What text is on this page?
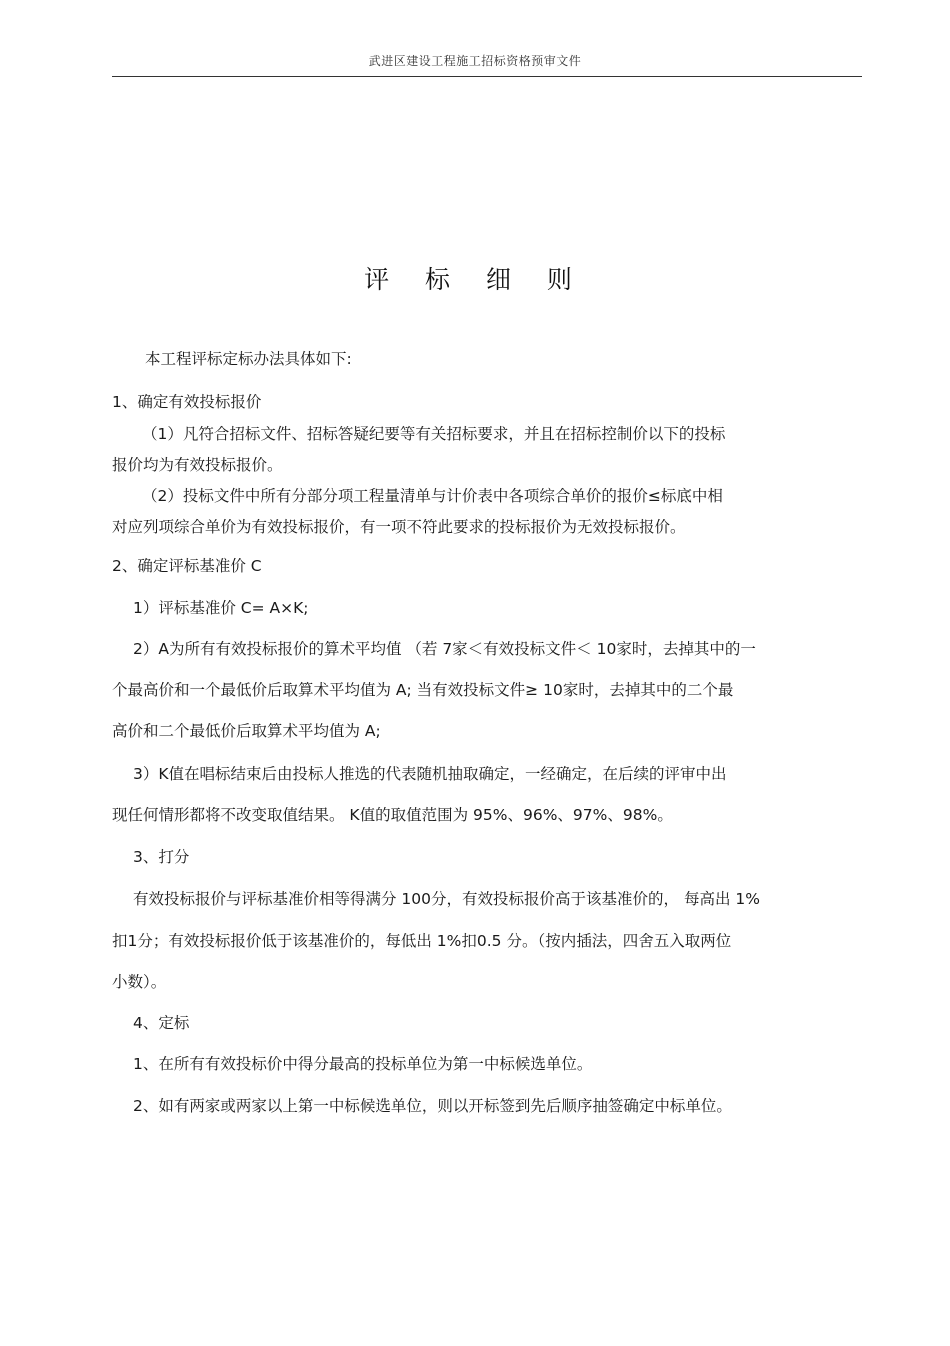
武进区建设工程施工招标资格预审文件
评 标 细 则
本工程评标定标办法具体如下:
1、确定有效投标报价
（1）凡符合招标文件、招标答疑纪要等有关招标要求，并且在招标控制价以下的投标
报价均为有效投标报价。
（2）投标文件中所有分部分项工程量清单与计价表中各项综合单价的报价≤标底中相
对应列项综合单价为有效投标报价，有一项不符此要求的投标报价为无效投标报价。
2、确定评标基准价 C
1）评标基准价 C= A×K;
2）A为所有有效投标报价的算术平均值 （若 7家＜有效投标文件＜ 10家时，去掉其中的一
个最高价和一个最低价后取算术平均值为 A; 当有效投标文件≥ 10家时，去掉其中的二个最
高价和二个最低价后取算术平均值为 A;
3）K值在唱标结束后由投标人推选的代表随机抽取确定，一经确定，在后续的评审中出
现任何情形都将不改变取值结果。 K值的取值范围为 95%、96%、97%、98%。
3、打分
有效投标报价与评标基准价相等得满分 100分，有效投标报价高于该基准价的， 每高出 1%
扣1分；有效投标报价低于该基准价的，每低出 1%扣0.5 分。（按内插法，四舍五入取两位
小数）。
4、定标
1、在所有有效投标价中得分最高的投标单位为第一中标候选单位。
2、如有两家或两家以上第一中标候选单位，则以开标签到先后顺序抽签确定中标单位。
